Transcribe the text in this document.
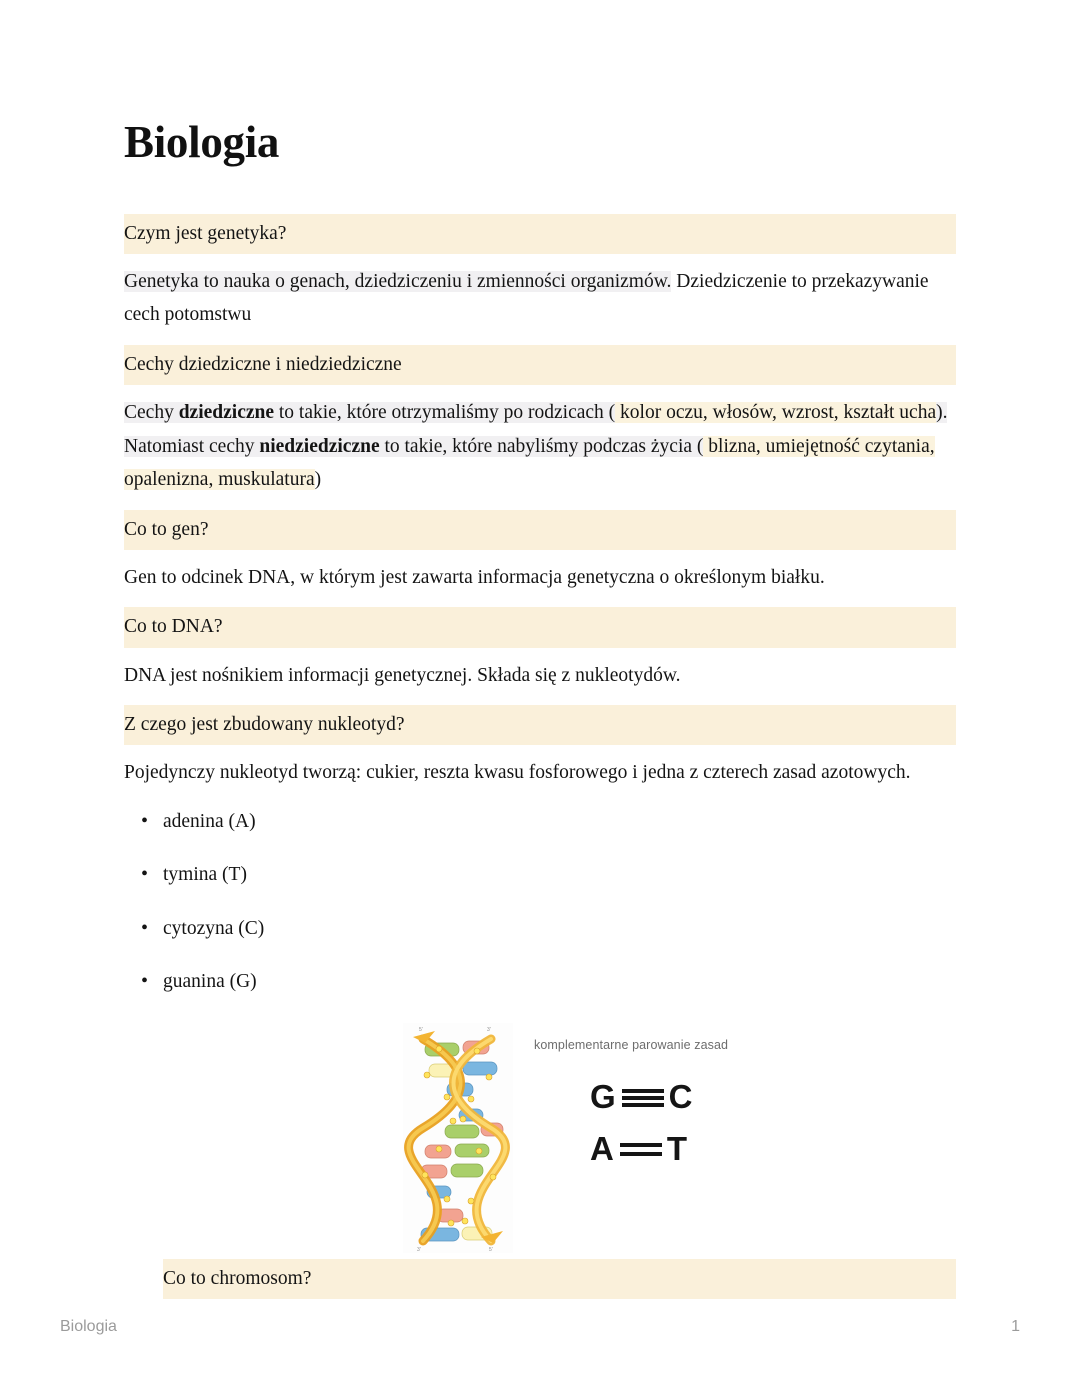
Biologia
Czym jest genetyka?

Genetyka to nauka o genach, dziedziczeniu i zmienności organizmów. Dziedziczenie to przekazywanie cech potomstwu

Cechy dziedziczne i niedziedziczne

Cechy dziedziczne to takie, które otrzymaliśmy po rodzicach ( kolor oczu, włosów, wzrost, kształt ucha). Natomiast cechy niedziedziczne to takie, które nabyliśmy podczas życia ( blizna, umiejętność czytania, opalenizna, muskulatura)

Co to gen?

Gen to odcinek DNA, w którym jest zawarta informacja genetyczna o określonym białku.

Co to DNA?

DNA jest nośnikiem informacji genetycznej. Składa się z nukleotydów.

Z czego jest zbudowany nukleotyd?

Pojedynczy nukleotyd tworzą: cukier, reszta kwasu fosforowego i jedna z czterech zasad azotowych.

• adenina (A)
• tymina (T)
• cytozyna (C)
• guanina (G)
5'	3'
3'	5'
komplementarne parowanie zasad
G C
A T
Co to chromosom?
Biologia	1
